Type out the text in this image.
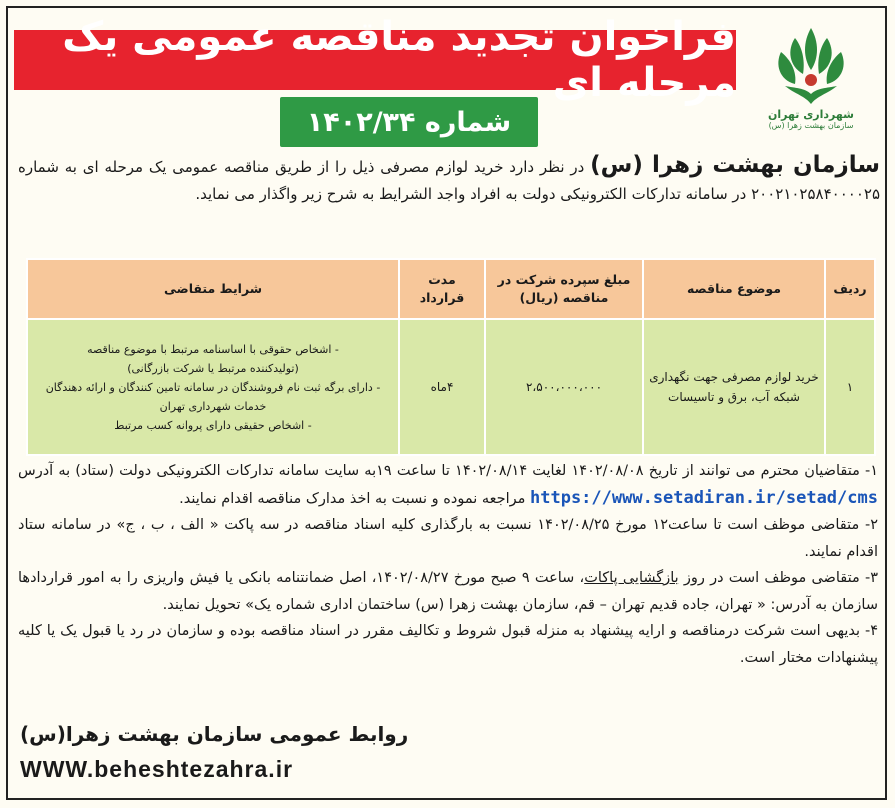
فراخوان تجدید مناقصه عمومی یک مرحله ای
شهرداری تهران
سازمان بهشت زهرا (س)
شماره ۱۴۰۲/۳۴
سازمان بهشت زهرا (س) در نظر دارد خرید لوازم مصرفی ذیل را از طریق مناقصه عمومی یک مرحله ای به شماره ۲۰۰۲۱۰۲۵۸۴۰۰۰۰۲۵ در سامانه تدارکات الکترونیکی دولت به افراد واجد الشرایط به شرح زیر واگذار می نماید.
ردیف	موضوع مناقصه	مبلغ سپرده شرکت در مناقصه (ریال)	مدت قرارداد	شرایط متقاضی
۱	خرید لوازم مصرفی جهت نگهداری شبکه آب، برق و تاسیسات	۲،۵۰۰،۰۰۰،۰۰۰	۴ماه	- اشخاص حقوقی با اساسنامه مرتبط با موضوع مناقصه
(تولیدکننده مرتبط یا شرکت بازرگانی)
- دارای برگه ثبت نام فروشندگان در سامانه تامین کنندگان و ارائه دهندگان
خدمات شهرداری تهران
- اشخاص حقیقی دارای پروانه کسب مرتبط

۱- متقاضیان محترم می توانند از تاریخ ۱۴۰۲/۰۸/۰۸ لغایت ۱۴۰۲/۰۸/۱۴ تا ساعت ۱۹به سایت سامانه تدارکات الکترونیکی دولت (ستاد) به آدرس https://www.setadiran.ir/setad/cms مراجعه نموده و نسبت به اخذ مدارک مناقصه اقدام نمایند.

۲- متقاضی موظف است تا ساعت۱۲ مورخ ۱۴۰۲/۰۸/۲۵ نسبت به بارگذاری کلیه اسناد مناقصه در سه پاکت « الف ، ب ، ج» در سامانه ستاد اقدام نمایند.

۳- متقاضی موظف است در روز بازگشایی پاکات، ساعت ۹ صبح مورخ ۱۴۰۲/۰۸/۲۷، اصل ضمانتنامه بانکی یا فیش واریزی را به امور قراردادها سازمان به آدرس: « تهران، جاده قدیم تهران – قم، سازمان بهشت زهرا (س) ساختمان اداری شماره یک» تحویل نمایند.

۴- بدیهی است شرکت درمناقصه و ارایه پیشنهاد به منزله قبول شروط و تکالیف مقرر در اسناد مناقصه بوده و سازمان در رد یا قبول یک یا کلیه پیشنهادات مختار است.

روابط عمومی سازمان بهشت زهرا(س)
WWW.beheshtezahra.ir
